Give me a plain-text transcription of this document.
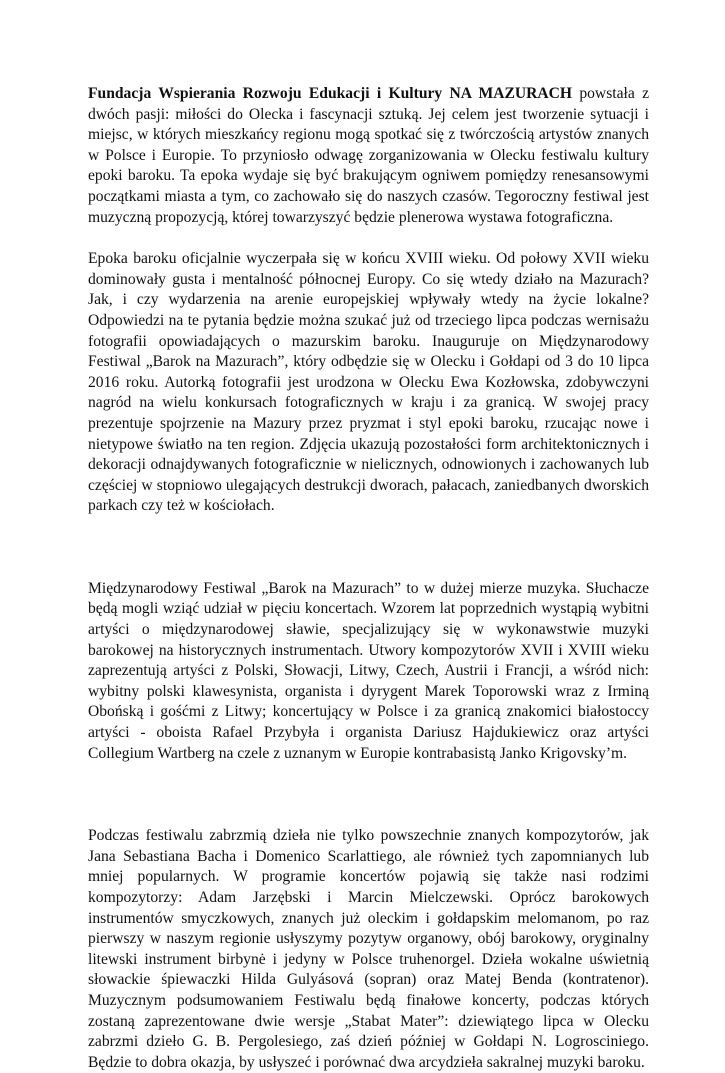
Fundacja Wspierania Rozwoju Edukacji i Kultury NA MAZURACH powstała z dwóch pasji: miłości do Olecka i fascynacji sztuką. Jej celem jest tworzenie sytuacji i miejsc, w których mieszkańcy regionu mogą spotkać się z twórczością artystów znanych w Polsce i Europie. To przyniosło odwagę zorganizowania w Olecku festiwalu kultury epoki baroku. Ta epoka wydaje się być brakującym ogniwem pomiędzy renesansowymi początkami miasta a tym, co zachowało się do naszych czasów. Tegoroczny festiwal jest muzyczną propozycją, której towarzyszyć będzie plenerowa wystawa fotograficzna.

Epoka baroku oficjalnie wyczerpała się w końcu XVIII wieku. Od połowy XVII wieku dominowały gusta i mentalność północnej Europy. Co się wtedy działo na Mazurach? Jak, i czy wydarzenia na arenie europejskiej wpływały wtedy na życie lokalne? Odpowiedzi na te pytania będzie można szukać już od trzeciego lipca podczas wernisażu fotografii opowiadających o mazurskim baroku. Inauguruje on Międzynarodowy Festiwal „Barok na Mazurach”, który odbędzie się w Olecku i Gołdapi od 3 do 10 lipca 2016 roku. Autorką fotografii jest urodzona w Olecku Ewa Kozłowska, zdobywczyni nagród na wielu konkursach fotograficznych w kraju i za granicą. W swojej pracy prezentuje spojrzenie na Mazury przez pryzmat i styl epoki baroku, rzucając nowe i nietypowe światło na ten region. Zdjęcia ukazują pozostałości form architektonicznych i dekoracji odnajdywanych fotograficznie w nielicznych, odnowionych i zachowanych lub częściej w stopniowo ulegających destrukcji dworach, pałacach, zaniedbanych dworskich parkach czy też w kościołach.

Międzynarodowy Festiwal „Barok na Mazurach” to w dużej mierze muzyka. Słuchacze będą mogli wziąć udział w pięciu koncertach. Wzorem lat poprzednich wystąpią wybitni artyści o międzynarodowej sławie, specjalizujący się w wykonawstwie muzyki barokowej na historycznych instrumentach. Utwory kompozytorów XVII i XVIII wieku zaprezentują artyści z Polski, Słowacji, Litwy, Czech, Austrii i Francji, a wśród nich: wybitny polski klawesynista, organista i dyrygent Marek Toporowski wraz z Irminą Obońską i gośćmi z Litwy; koncertujący w Polsce i za granicą znakomici białostoccy artyści - oboista Rafael Przybyła i organista Dariusz Hajdukiewicz oraz artyści Collegium Wartberg na czele z uznanym w Europie kontrabasistą Janko Krigovsky’m.

Podczas festiwalu zabrzmią dzieła nie tylko powszechnie znanych kompozytorów, jak Jana Sebastiana Bacha i Domenico Scarlattiego, ale również tych zapomnianych lub mniej popularnych. W programie koncertów pojawią się także nasi rodzimi kompozytorzy: Adam Jarzębski i Marcin Mielczewski. Oprócz barokowych instrumentów smyczkowych, znanych już oleckim i gołdapskim melomanom, po raz pierwszy w naszym regionie usłyszymy pozytyw organowy, obój barokowy, oryginalny litewski instrument birbynė i jedyny w Polsce truhenorgel. Dzieła wokalne uświetnią słowackie śpiewaczki Hilda Gulyásová (sopran) oraz Matej Benda (kontratenor). Muzycznym podsumowaniem Festiwalu będą finałowe koncerty, podczas których zostaną zaprezentowane dwie wersje „Stabat Mater”: dziewiątego lipca w Olecku zabrzmi dzieło G. B. Pergolesiego, zaś dzień później w Gołdapi N. Logrosciniego. Będzie to dobra okazja, by usłyszeć i porównać dwa arcydzieła sakralnej muzyki baroku.
